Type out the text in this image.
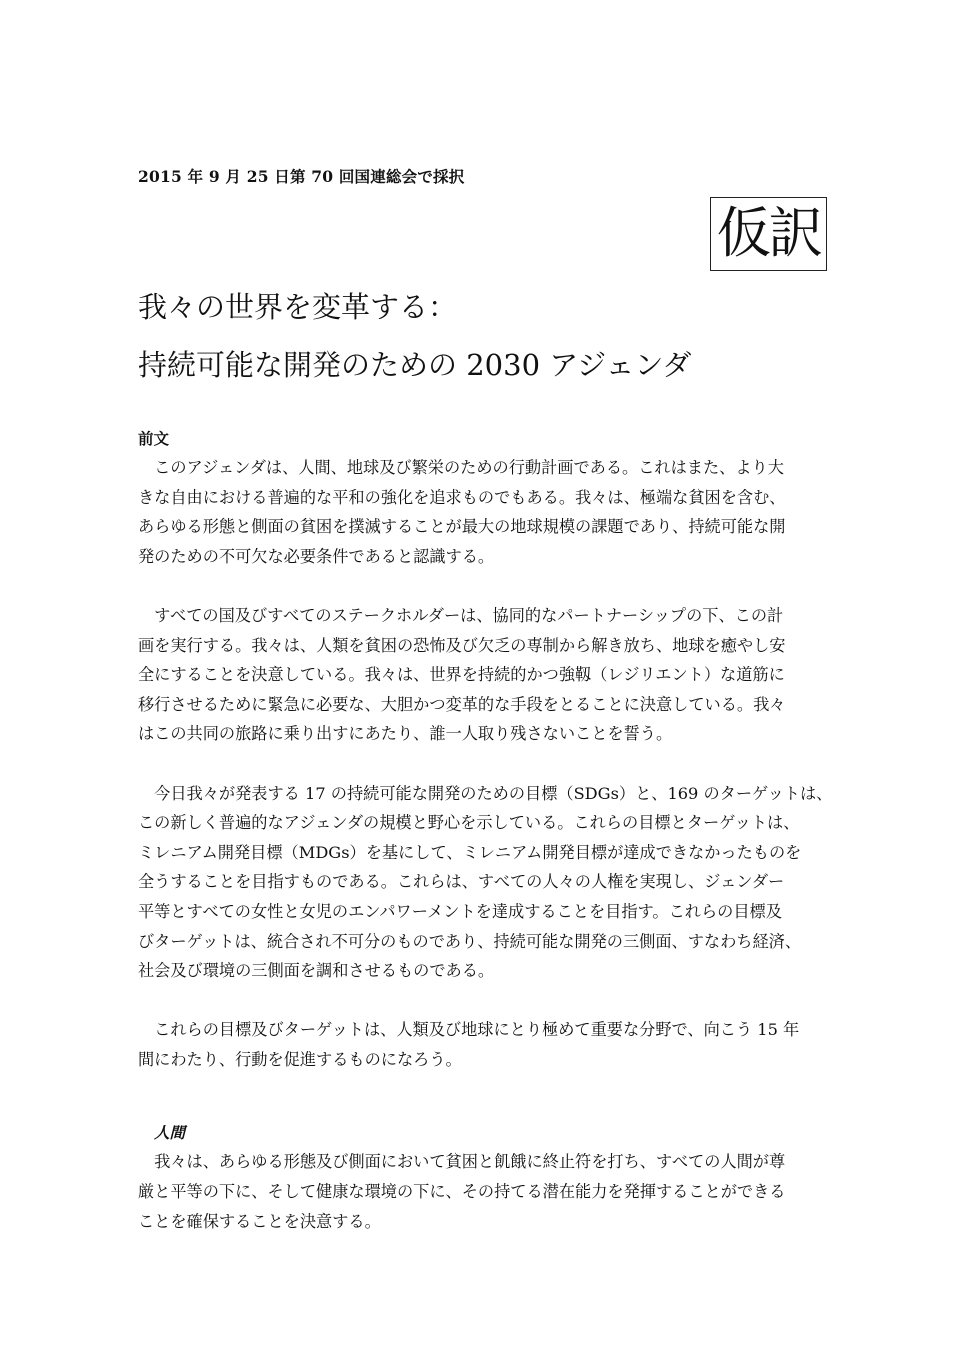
2015 年 9 月 25 日第 70 回国連総会で採択
仮訳
我々の世界を変革する：
持続可能な開発のための 2030 アジェンダ
前文
　このアジェンダは、人間、地球及び繁栄のための行動計画である。これはまた、より大
きな自由における普遍的な平和の強化を追求ものでもある。我々は、極端な貧困を含む、
あらゆる形態と側面の貧困を撲滅することが最大の地球規模の課題であり、持続可能な開
発のための不可欠な必要条件であると認識する。
　すべての国及びすべてのステークホルダーは、協同的なパートナーシップの下、この計
画を実行する。我々は、人類を貧困の恐怖及び欠乏の専制から解き放ち、地球を癒やし安
全にすることを決意している。我々は、世界を持続的かつ強靱（レジリエント）な道筋に
移行させるために緊急に必要な、大胆かつ変革的な手段をとることに決意している。我々
はこの共同の旅路に乗り出すにあたり、誰一人取り残さないことを誓う。
　今日我々が発表する 17 の持続可能な開発のための目標（SDGs）と、169 のターゲットは、
この新しく普遍的なアジェンダの規模と野心を示している。これらの目標とターゲットは、
ミレニアム開発目標（MDGs）を基にして、ミレニアム開発目標が達成できなかったものを
全うすることを目指すものである。これらは、すべての人々の人権を実現し、ジェンダー
平等とすべての女性と女児のエンパワーメントを達成することを目指す。これらの目標及
びターゲットは、統合され不可分のものであり、持続可能な開発の三側面、すなわち経済、
社会及び環境の三側面を調和させるものである。
　これらの目標及びターゲットは、人類及び地球にとり極めて重要な分野で、向こう 15 年
間にわたり、行動を促進するものになろう。
人間
　我々は、あらゆる形態及び側面において貧困と飢餓に終止符を打ち、すべての人間が尊
厳と平等の下に、そして健康な環境の下に、その持てる潜在能力を発揮することができる
ことを確保することを決意する。
